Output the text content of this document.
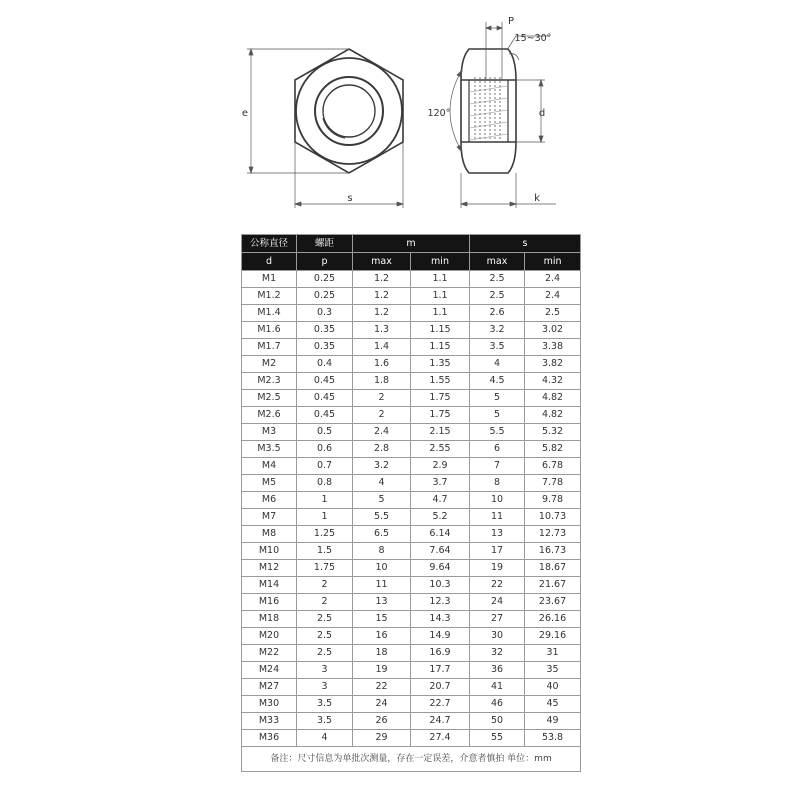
e
s
P
15~30°
120°	d
k
公称直径	螺距	m		s	
d	p	max	min	max	min
M1	0.25	1.2	1.1	2.5	2.4
M1.2	0.25	1.2	1.1	2.5	2.4
M1.4	0.3	1.2	1.1	2.6	2.5
M1.6	0.35	1.3	1.15	3.2	3.02
M1.7	0.35	1.4	1.15	3.5	3.38
M2	0.4	1.6	1.35	4	3.82
M2.3	0.45	1.8	1.55	4.5	4.32
M2.5	0.45	2	1.75	5	4.82
M2.6	0.45	2	1.75	5	4.82
M3	0.5	2.4	2.15	5.5	5.32
M3.5	0.6	2.8	2.55	6	5.82
M4	0.7	3.2	2.9	7	6.78
M5	0.8	4	3.7	8	7.78
M6	1	5	4.7	10	9.78
M7	1	5.5	5.2	11	10.73
M8	1.25	6.5	6.14	13	12.73
M10	1.5	8	7.64	17	16.73
M12	1.75	10	9.64	19	18.67
M14	2	11	10.3	22	21.67
M16	2	13	12.3	24	23.67
M18	2.5	15	14.3	27	26.16
M20	2.5	16	14.9	30	29.16
M22	2.5	18	16.9	32	31
M24	3	19	17.7	36	35
M27	3	22	20.7	41	40
M30	3.5	24	22.7	46	45
M33	3.5	26	24.7	50	49
M36	4	29	27.4	55	53.8
备注：尺寸信息为单批次测量，存在一定误差，介意者慎拍 单位：mm					
